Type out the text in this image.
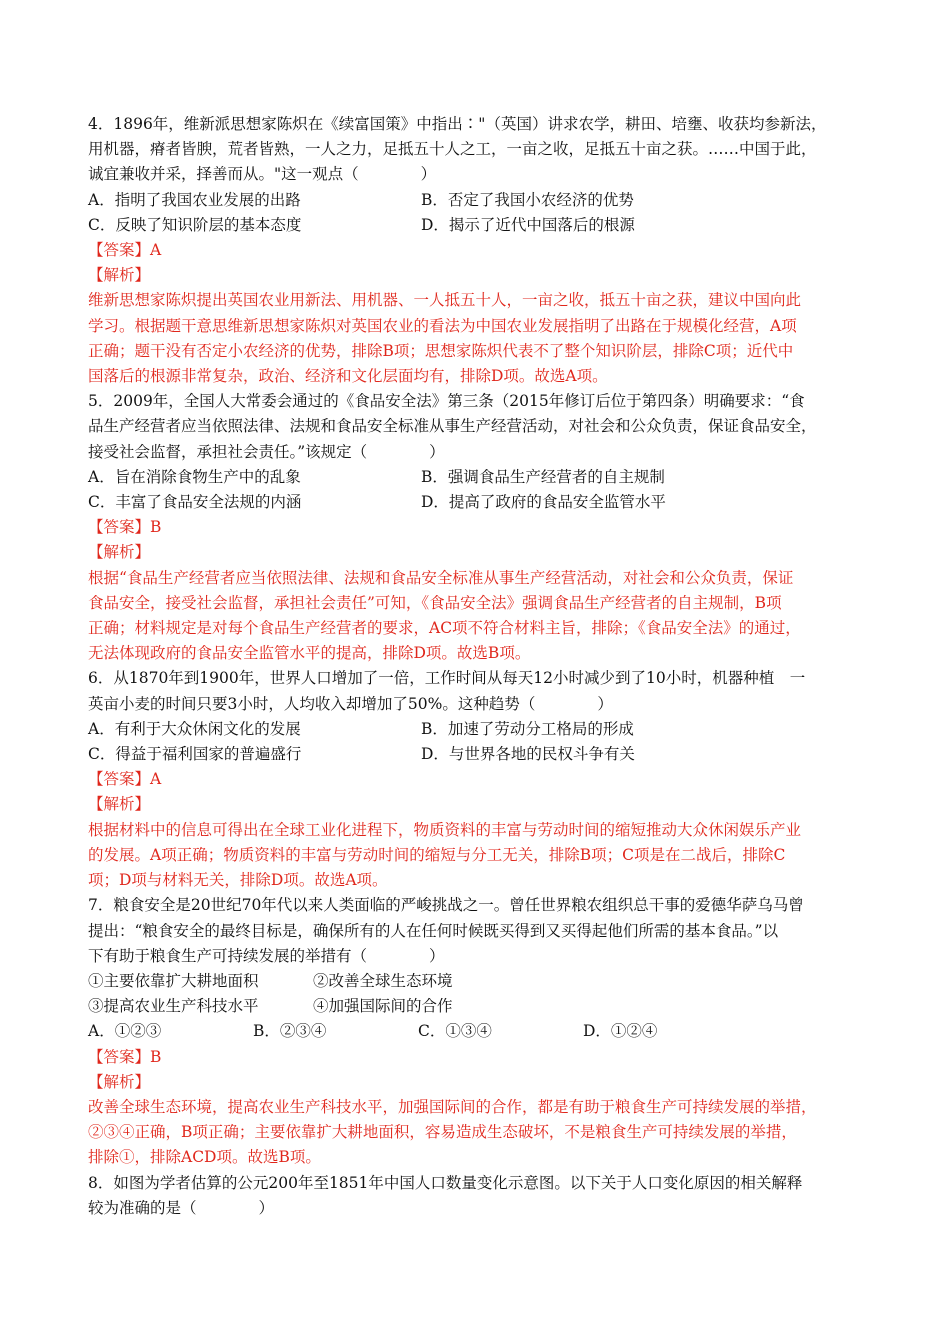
4．1896年，维新派思想家陈炽在《续富国策》中指出∶"（英国）讲求农学，耕田、培壅、收获均参新法，
用机器，瘠者皆腴，荒者皆熟，一人之力，足抵五十人之工，一亩之收，足抵五十亩之获。……中国于此，
诚宜兼收并采，择善而从。"这一观点（　　　　）
A．指明了我国农业发展的出路	B．否定了我国小农经济的优势
C．反映了知识阶层的基本态度	D．揭示了近代中国落后的根源
【答案】A
【解析】
维新思想家陈炽提出英国农业用新法、用机器、一人抵五十人，一亩之收，抵五十亩之获，建议中国向此
学习。根据题干意思维新思想家陈炽对英国农业的看法为中国农业发展指明了出路在于规模化经营，A项
正确；题干没有否定小农经济的优势，排除B项；思想家陈炽代表不了整个知识阶层，排除C项；近代中
国落后的根源非常复杂，政治、经济和文化层面均有，排除D项。故选A项。
5．2009年，全国人大常委会通过的《食品安全法》第三条（2015年修订后位于第四条）明确要求：“食
品生产经营者应当依照法律、法规和食品安全标准从事生产经营活动，对社会和公众负责，保证食品安全，
接受社会监督，承担社会责任。”该规定（　　　　）
A．旨在消除食物生产中的乱象	B．强调食品生产经营者的自主规制
C．丰富了食品安全法规的内涵	D．提高了政府的食品安全监管水平
【答案】B
【解析】
根据“食品生产经营者应当依照法律、法规和食品安全标准从事生产经营活动，对社会和公众负责，保证
食品安全，接受社会监督，承担社会责任”可知，《食品安全法》强调食品生产经营者的自主规制，B项
正确；材料规定是对每个食品生产经营者的要求，AC项不符合材料主旨，排除；《食品安全法》的通过，
无法体现政府的食品安全监管水平的提高，排除D项。故选B项。
6．从1870年到1900年，世界人口增加了一倍，工作时间从每天12小时减少到了10小时，机器种植　一
英亩小麦的时间只要3小时，人均收入却增加了50%。这种趋势（　　　　）
A．有利于大众休闲文化的发展	B．加速了劳动分工格局的形成
C．得益于福利国家的普遍盛行	D．与世界各地的民权斗争有关
【答案】A
【解析】
根据材料中的信息可得出在全球工业化进程下，物质资料的丰富与劳动时间的缩短推动大众休闲娱乐产业
的发展。A项正确；物质资料的丰富与劳动时间的缩短与分工无关，排除B项；C项是在二战后，排除C
项；D项与材料无关，排除D项。故选A项。
7．粮食安全是20世纪70年代以来人类面临的严峻挑战之一。曾任世界粮农组织总干事的爱德华萨乌马曾
提出：“粮食安全的最终目标是，确保所有的人在任何时候既买得到又买得起他们所需的基本食品。”以
下有助于粮食生产可持续发展的举措有（　　　　）
①主要依靠扩大耕地面积	②改善全球生态环境
③提高农业生产科技水平	④加强国际间的合作
A．①②③	B．②③④	C．①③④	D．①②④
【答案】B
【解析】
改善全球生态环境，提高农业生产科技水平，加强国际间的合作，都是有助于粮食生产可持续发展的举措，
②③④正确，B项正确；主要依靠扩大耕地面积，容易造成生态破坏，不是粮食生产可持续发展的举措，
排除①，排除ACD项。故选B项。
8．如图为学者估算的公元200年至1851年中国人口数量变化示意图。以下关于人口变化原因的相关解释
较为准确的是（　　　　）
